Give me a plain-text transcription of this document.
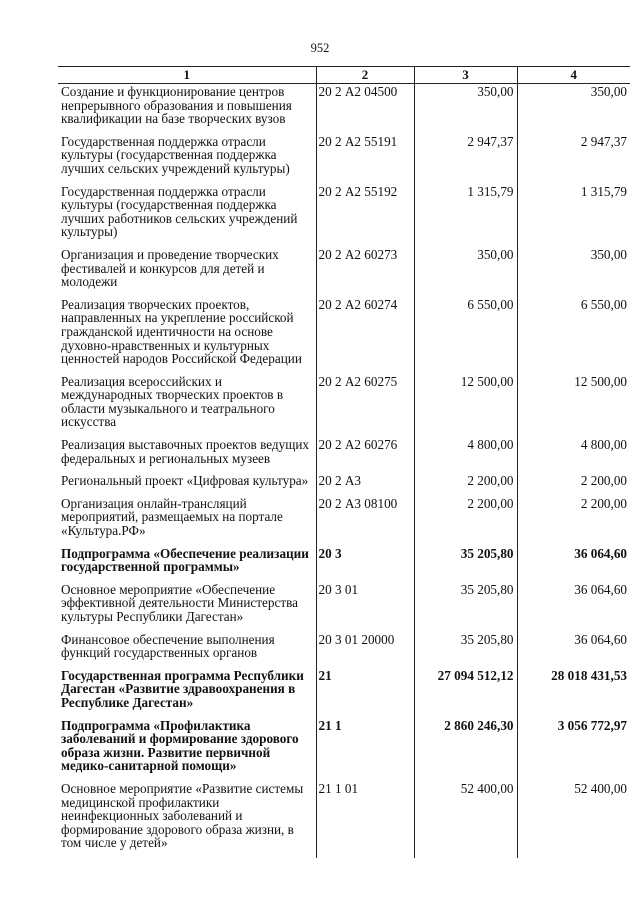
952
1	2	3	4
Создание и функционирование центров непрерывного образования и повышения квалификации на базе творческих вузов	20 2 А2 04500	350,00	350,00
Государственная поддержка отрасли культуры (государственная поддержка лучших сельских учреждений культуры)	20 2 А2 55191	2 947,37	2 947,37
Государственная поддержка отрасли культуры (государственная поддержка лучших работников сельских учреждений культуры)	20 2 А2 55192	1 315,79	1 315,79
Организация и проведение творческих фестивалей и конкурсов для детей и молодежи	20 2 А2 60273	350,00	350,00
Реализация творческих проектов, направленных на укрепление российской гражданской идентичности на основе духовно-нравственных и культурных ценностей народов Российской Федерации	20 2 А2 60274	6 550,00	6 550,00
Реализация всероссийских и международных творческих проектов в области музыкального и театрального искусства	20 2 А2 60275	12 500,00	12 500,00
Реализация выставочных проектов ведущих федеральных и региональных музеев	20 2 А2 60276	4 800,00	4 800,00
Региональный проект «Цифровая культура»	20 2 А3	2 200,00	2 200,00
Организация онлайн-трансляций мероприятий, размещаемых на портале «Культура.РФ»	20 2 А3 08100	2 200,00	2 200,00
Подпрограмма «Обеспечение реализации государственной программы»	20 3	35 205,80	36 064,60
Основное мероприятие «Обеспечение эффективной деятельности Министерства культуры Республики Дагестан»	20 3 01	35 205,80	36 064,60
Финансовое обеспечение выполнения функций государственных органов	20 3 01 20000	35 205,80	36 064,60
Государственная программа Республики Дагестан «Развитие здравоохранения в Республике Дагестан»	21	27 094 512,12	28 018 431,53
Подпрограмма «Профилактика заболеваний и формирование здорового образа жизни. Развитие первичной медико-санитарной помощи»	21 1	2 860 246,30	3 056 772,97
Основное мероприятие «Развитие системы медицинской профилактики неинфекционных заболеваний и формирование здорового образа жизни, в том числе у детей»	21 1 01	52 400,00	52 400,00
